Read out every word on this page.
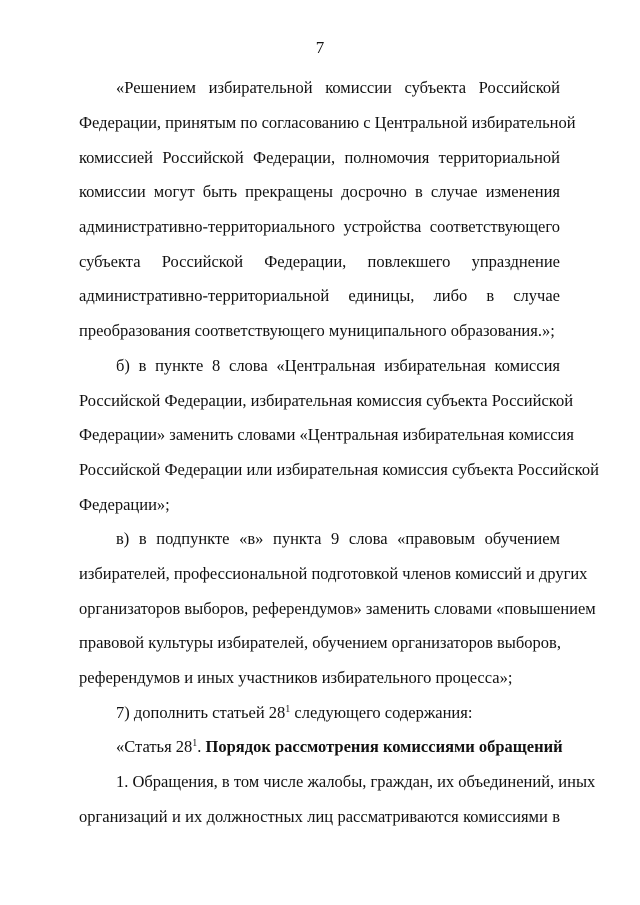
7
«Решением избирательной комиссии субъекта Российской
Федерации, принятым по согласованию с Центральной избирательной
комиссией Российской Федерации, полномочия территориальной
комиссии могут быть прекращены досрочно в случае изменения
административно-территориального устройства соответствующего
субъекта Российской Федерации, повлекшего упразднение
административно-территориальной единицы, либо в случае
преобразования соответствующего муниципального образования.»;
б) в пункте 8 слова «Центральная избирательная комиссия
Российской Федерации, избирательная комиссия субъекта Российской
Федерации» заменить словами «Центральная избирательная комиссия
Российской Федерации или избирательная комиссия субъекта Российской
Федерации»;
в) в подпункте «в» пункта 9 слова «правовым обучением
избирателей, профессиональной подготовкой членов комиссий и других
организаторов выборов, референдумов» заменить словами «повышением
правовой культуры избирателей, обучением организаторов выборов,
референдумов и иных участников избирательного процесса»;
7) дополнить статьей $28^1$ следующего содержания:
«Статья $28^1$. Порядок рассмотрения комиссиями обращений
1. Обращения, в том числе жалобы, граждан, их объединений, иных
организаций и их должностных лиц рассматриваются комиссиями в
